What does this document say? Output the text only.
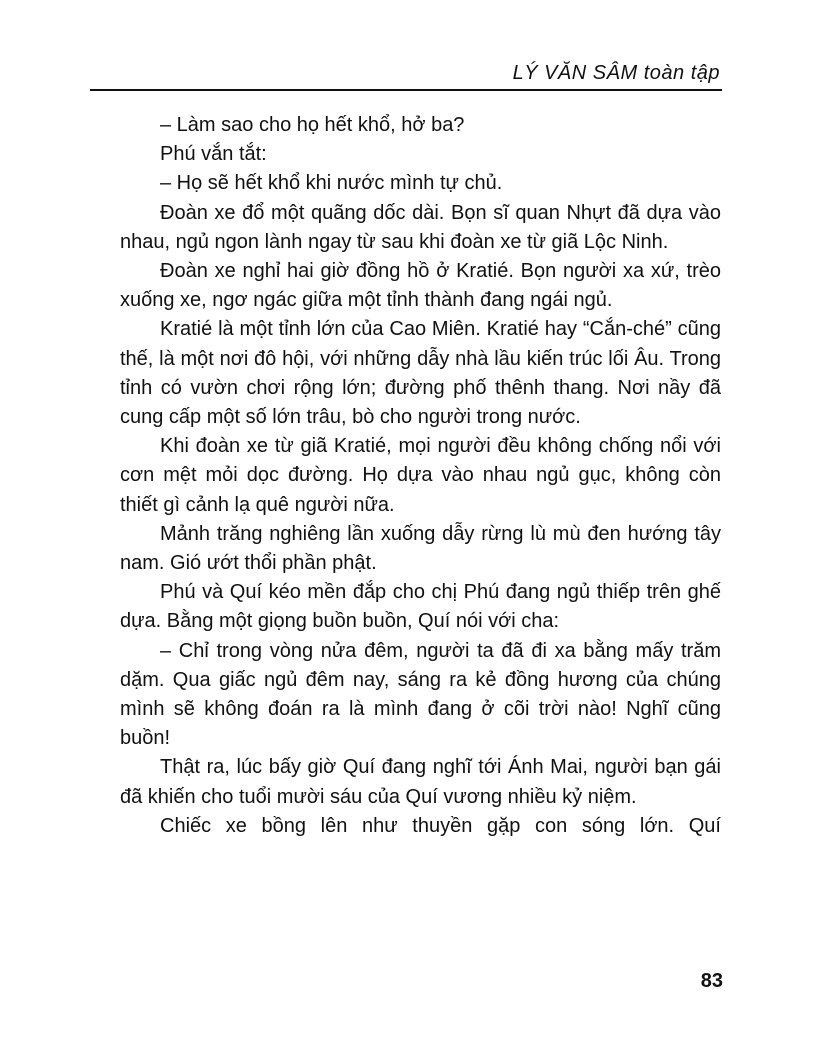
LÝ VĂN SÂM toàn tập

– Làm sao cho họ hết khổ, hở ba?

Phú vắn tắt:

– Họ sẽ hết khổ khi nước mình tự chủ.

Đoàn xe đổ một quãng dốc dài. Bọn sĩ quan Nhựt đã dựa vào nhau, ngủ ngon lành ngay từ sau khi đoàn xe từ giã Lộc Ninh.

Đoàn xe nghỉ hai giờ đồng hồ ở Kratié. Bọn người xa xứ, trèo xuống xe, ngơ ngác giữa một tỉnh thành đang ngái ngủ.

Kratié là một tỉnh lớn của Cao Miên. Kratié hay “Cắn-ché” cũng thế, là một nơi đô hội, với những dẫy nhà lầu kiến trúc lối Âu. Trong tỉnh có vườn chơi rộng lớn; đường phố thênh thang. Nơi nầy đã cung cấp một số lớn trâu, bò cho người trong nước.

Khi đoàn xe từ giã Kratié, mọi người đều không chống nổi với cơn mệt mỏi dọc đường. Họ dựa vào nhau ngủ gục, không còn thiết gì cảnh lạ quê người nữa.

Mảnh trăng nghiêng lần xuống dẫy rừng lù mù đen hướng tây nam. Gió ướt thổi phần phật.

Phú và Quí kéo mền đắp cho chị Phú đang ngủ thiếp trên ghế dựa. Bằng một giọng buồn buồn, Quí nói với cha:

– Chỉ trong vòng nửa đêm, người ta đã đi xa bằng mấy trăm dặm. Qua giấc ngủ đêm nay, sáng ra kẻ đồng hương của chúng mình sẽ không đoán ra là mình đang ở cõi trời nào! Nghĩ cũng buồn!

Thật ra, lúc bấy giờ Quí đang nghĩ tới Ánh Mai, người bạn gái đã khiến cho tuổi mười sáu của Quí vương nhiều kỷ niệm.

Chiếc xe bồng lên như thuyền gặp con sóng lớn. Quí

83
